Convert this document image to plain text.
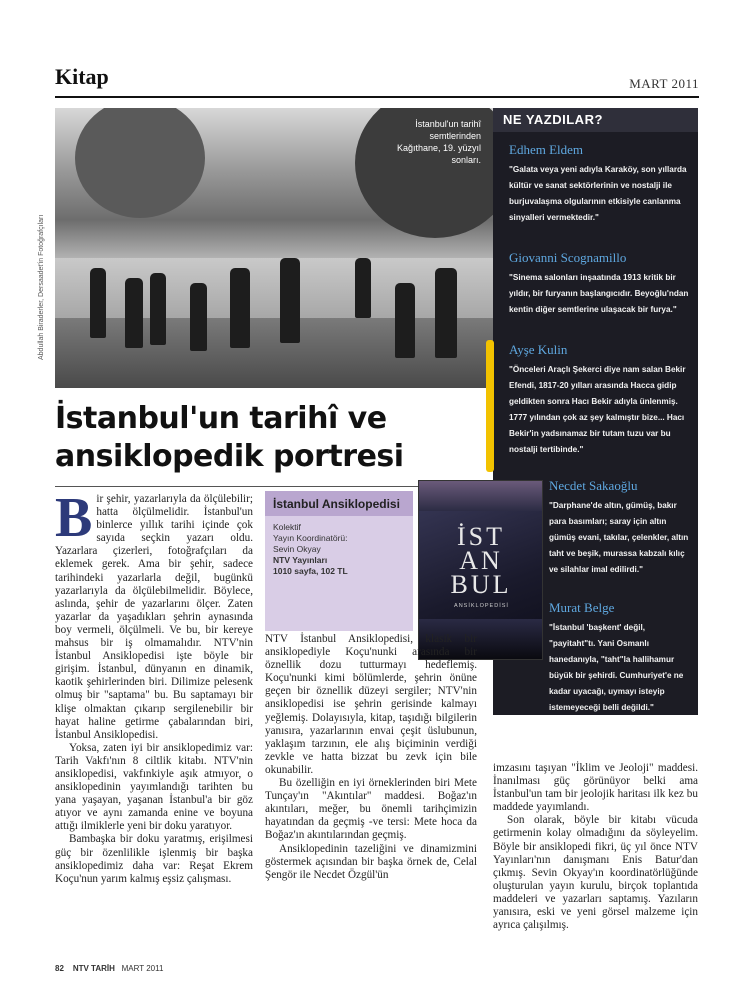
Kitap	MART 2011
İstanbul'un tarihî semtlerinden Kağıthane, 19. yüzyıl sonları.
Abdullah Biraderler, Dersaadet'in Fotoğrafçıları
İstanbul'un tarihî ve ansiklopedik portresi
NE YAZDILAR?
Edhem Eldem
"Galata veya yeni adıyla Karaköy, son yıllarda kültür ve sanat sektörlerinin ve nostalji ile burjuvalaşma olgularının etkisiyle canlanma sinyalleri vermektedir."
Giovanni Scognamillo
"Sinema salonları inşaatında 1913 kritik bir yıldır, bir furyanın başlangıcıdır. Beyoğlu'ndan kentin diğer semtlerine ulaşacak bir furya."
Ayşe Kulin
"Önceleri Araçlı Şekerci diye nam salan Bekir Efendi, 1817-20 yılları arasında Hacca gidip geldikten sonra Hacı Bekir adıyla ünlenmiş. 1777 yılından çok az şey kalmıştır bize... Hacı Bekir'in yadsınamaz bir tutam tuzu var bu nostalji tertibinde."
Necdet Sakaoğlu
"Darphane'de altın, gümüş, bakır para basımları; saray için altın gümüş evani, takılar, çelenkler, altın taht ve beşik, murassa kabzalı kılıç ve silahlar imal edilirdi."
Murat Belge
"İstanbul 'başkent' değil, "payitaht"tı. Yani Osmanlı hanedanıyla, "taht"la hallihamur büyük bir şehirdi. Cumhuriyet'e ne kadar uyacağı, uymayı isteyip istemeyeceği belli değildi."
İstanbul Ansiklopedisi
Kolektif
Yayın Koordinatörü:
Sevin Okyay
NTV Yayınları
1010 sayfa, 102 TL
İST AN BUL
ANSİKLOPEDİSİ

Bir şehir, yazarlarıyla da ölçülebilir; hatta ölçülmelidir. İstanbul'un binlerce yıllık tarihi içinde çok sayıda seçkin yazarı oldu. Yazarlara çizerleri, fotoğrafçıları da eklemek gerek. Ama bir şehir, sadece tarihindeki yazarlarla değil, bugünkü yazarlarıyla da ölçülebilmelidir. Böylece, aslında, şehir de yazarlarını ölçer. Zaten yazarlar da yaşadıkları şehrin aynasında boy vermeli, ölçülmeli. Ve bu, bir kereye mahsus bir iş olmamalıdır. NTV'nin İstanbul Ansiklopedisi işte böyle bir girişim. İstanbul, dünyanın en dinamik, kaotik şehirlerinden biri. Dilimize pelesenk olmuş bir "saptama" bu. Bu saptamayı bir klişe olmaktan çıkarıp sergilenebilir bir hayat haline getirme çabalarından biri, İstanbul Ansiklopedisi.

Yoksa, zaten iyi bir ansiklopedimiz var: Tarih Vakfı'nın 8 ciltlik kitabı. NTV'nin ansiklopedisi, vakfınkiyle aşık atmıyor, o ansiklopedinin yayımlandığı tarihten bu yana yaşayan, yaşanan İstanbul'a bir göz atıyor ve aynı zamanda enine ve boyuna attığı ilmiklerle yeni bir doku yaratıyor.

Bambaşka bir doku yaratmış, erişilmesi güç bir özenlilikle işlenmiş bir başka ansiklopedimiz daha var: Reşat Ekrem Koçu'nun yarım kalmış eşsiz çalışması.

NTV İstanbul Ansiklopedisi, klasik bir ansiklopediyle Koçu'nunki arasında bir öznellik dozu tutturmayı hedeflemiş. Koçu'nunki kimi bölümlerde, şehrin önüne geçen bir öznellik düzeyi sergiler; NTV'nin ansiklopedisi ise şehrin gerisinde kalmayı yeğlemiş. Dolayısıyla, kitap, taşıdığı bilgilerin yanısıra, yazarlarının envai çeşit üslubunun, yaklaşım tarzının, ele alış biçiminin verdiği zevkle ve hatta bizzat bu zevk için bile okunabilir.

Bu özelliğin en iyi örneklerinden biri Mete Tunçay'ın "Akıntılar" maddesi. Boğaz'ın akıntıları, meğer, bu önemli tarihçimizin hayatından da geçmiş -ve tersi: Mete hoca da Boğaz'ın akıntılarından geçmiş.

Ansiklopedinin tazeliğini ve dinamizmini göstermek açısından bir başka örnek de, Celal Şengör ile Necdet Özgül'ün

imzasını taşıyan "İklim ve Jeoloji" maddesi. İnanılması güç görünüyor belki ama İstanbul'un tam bir jeolojik haritası ilk kez bu maddede yayımlandı.

Son olarak, böyle bir kitabı vücuda getirmenin kolay olmadığını da söyleyelim. Böyle bir ansiklopedi fikri, üç yıl önce NTV Yayınları'nın danışmanı Enis Batur'dan çıkmış. Sevin Okyay'ın koordinatörlüğünde oluşturulan yayın kurulu, birçok toplantıda maddeleri ve yazarları saptamış. Yazıların yanısıra, eski ve yeni görsel malzeme için ayrıca çalışılmış.

82 NTV TARİH MART 2011
